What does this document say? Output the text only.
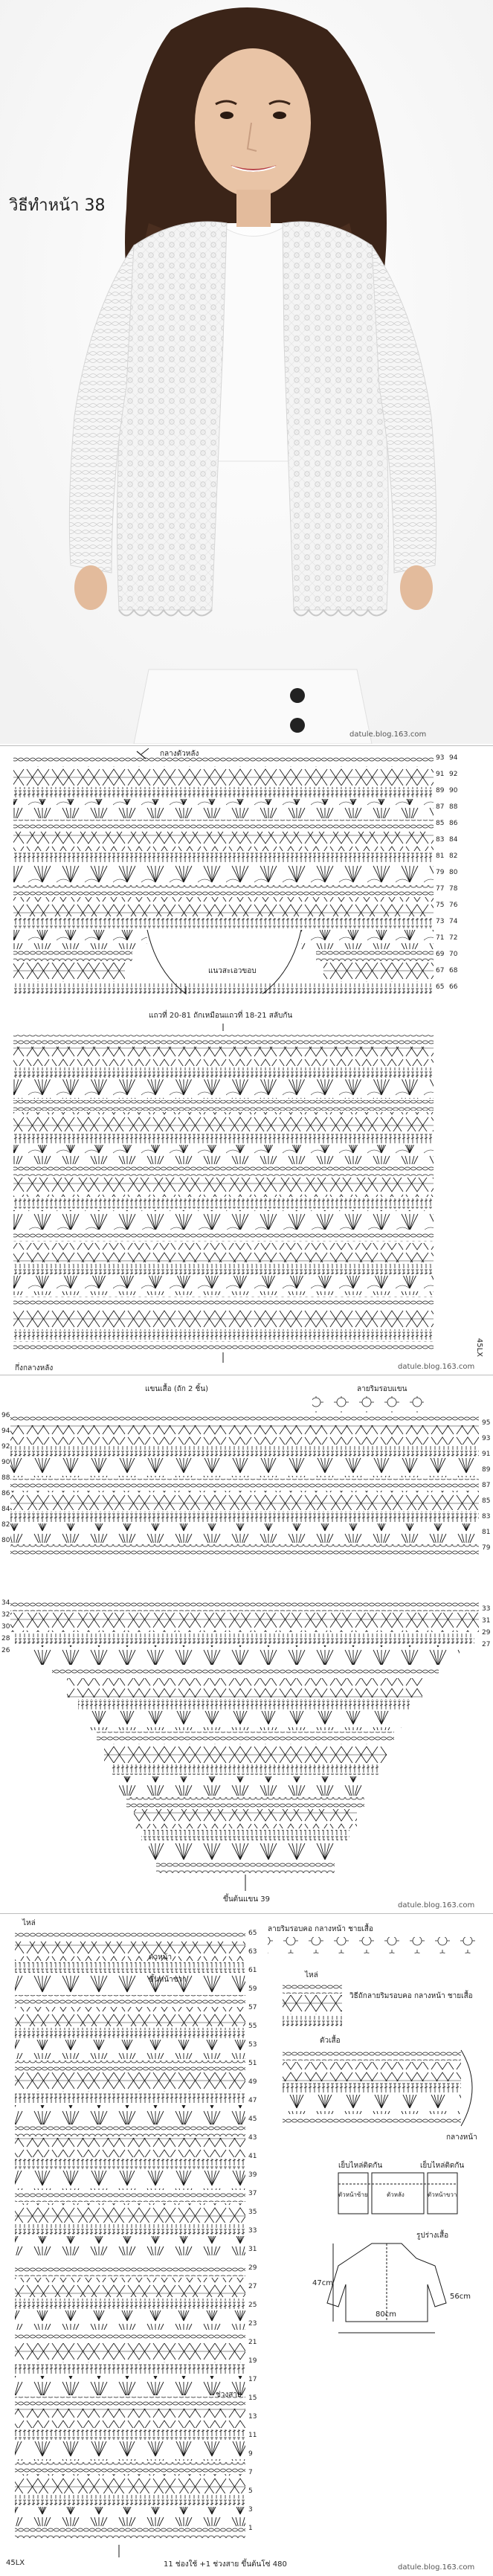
วิธีทำหน้า 38
datule.blog.163.com
กลางตัวหลัง
แนวสะเอวขอบ
แถวที่ 20-81 ถักเหมือนแถวที่ 18-21 สลับกัน
กึ่งกลางหลัง
45LX
datule.blog.163.com
93
91
89
87
85
83
81
79
77
75
73
71
69
67
65
94
92
90
88
86
84
82
80
78
76
74
72
70
68
66
แขนเสื้อ (ถัก 2 ชิ้น)	ลายริมรอบแขน
ขึ้นต้นแขน 39
datule.blog.163.com
96
94
92
90
88
86
84
82
80
95
93
91
89
87
85
83
81
79
34
32
30
28
26
33
31
29
27
ไหล่
ตัวหน้า
ขึ้นหน้าขวา
ลายริมรอบคอ กลางหน้า ชายเสื้อ
ไหล่
วิธีถักลายริมรอบคอ กลางหน้า ชายเสื้อ
ตัวเสื้อ
กลางหน้า
เย็บไหล่ติดกัน	เย็บไหล่ติดกัน
ตัวหน้าซ้าย	ตัวหลัง	ตัวหน้าขวา
รูปร่างเสื้อ
47cm
80cm
56cm
ช่วงสาย
11 ช่องใช้ +1 ช่วงสาย ขึ้นต้นโซ่ 480
45LX
datule.blog.163.com
65
63
61
59
57
55
53
51
49
47
45
43
41
39
37
35
33
31
29
27
25
23
21
19
17
15
13
11
9
7
5
3
1
